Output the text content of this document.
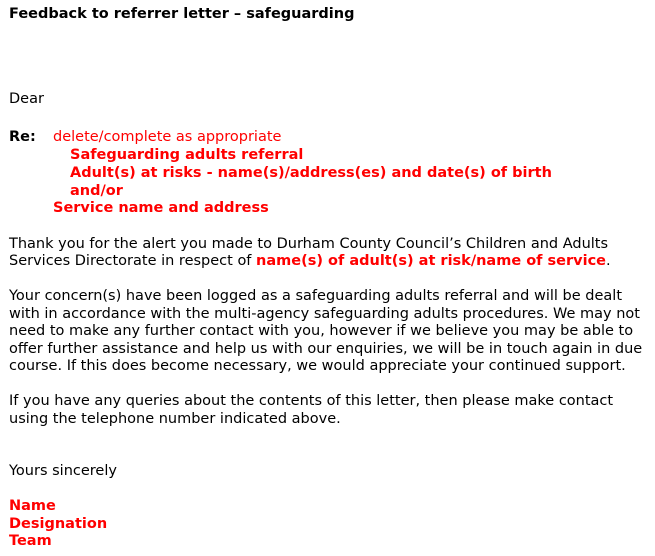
Feedback to referrer letter – safeguarding
Dear
Re: delete/complete as appropriate
Safeguarding adults referral
Adult(s) at risks - name(s)/address(es) and date(s) of birth
and/or
Service name and address
Thank you for the alert you made to Durham County Council’s Children and Adults
Services Directorate in respect of name(s) of adult(s) at risk/name of service.
Your concern(s) have been logged as a safeguarding adults referral and will be dealt
with in accordance with the multi-agency safeguarding adults procedures. We may not
need to make any further contact with you, however if we believe you may be able to
offer further assistance and help us with our enquiries, we will be in touch again in due
course. If this does become necessary, we would appreciate your continued support.
If you have any queries about the contents of this letter, then please make contact
using the telephone number indicated above.
Yours sincerely
Name
Designation
Team
